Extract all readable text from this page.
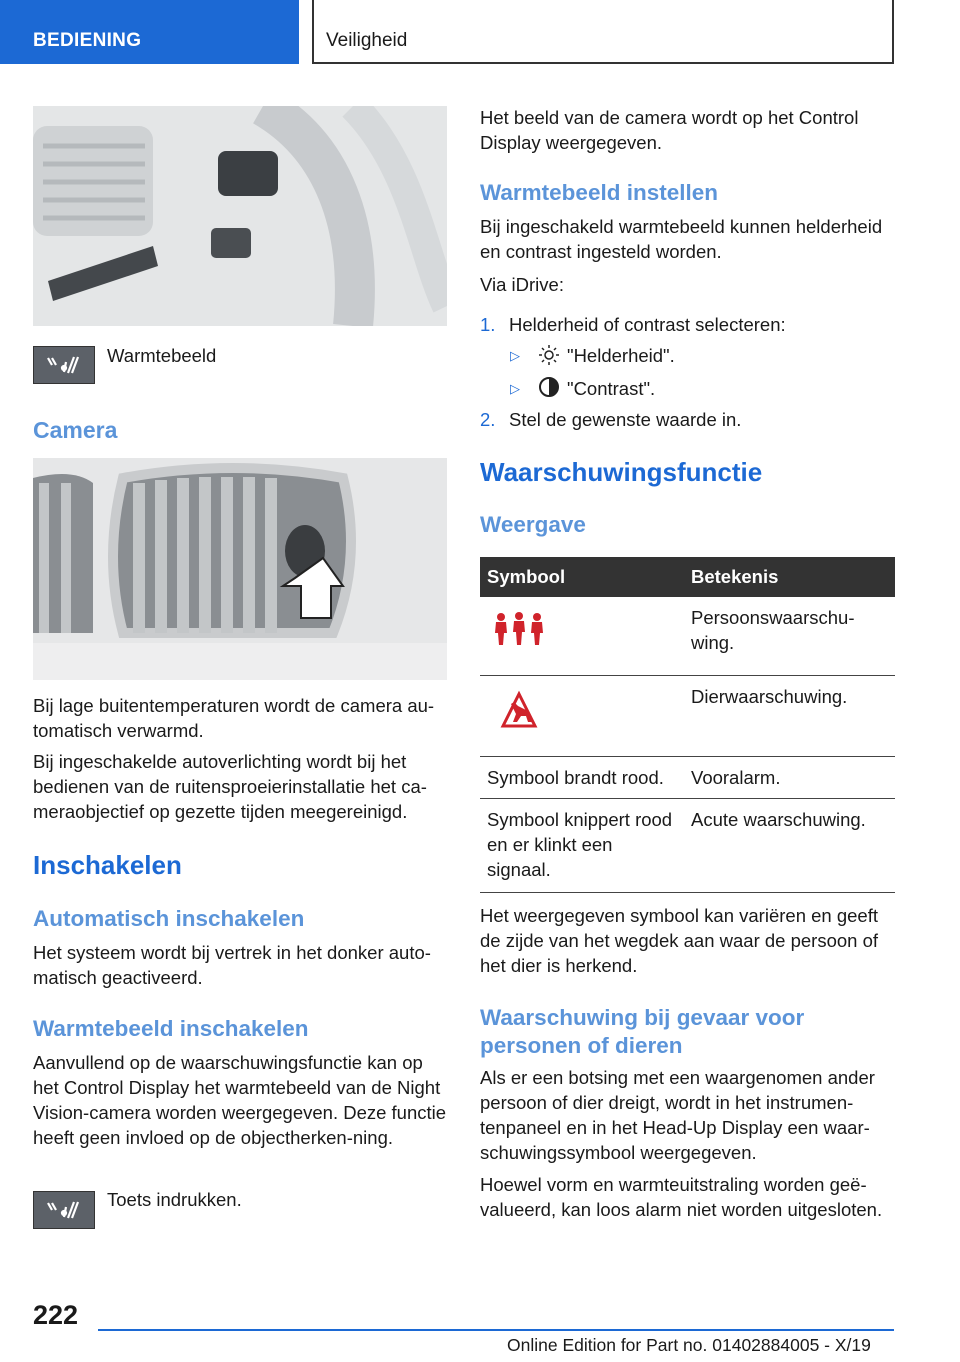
BEDIENING	Veiligheid

Warmtebeeld

Camera

Bij lage buitentemperaturen wordt de camera au-tomatisch verwarmd.

Bij ingeschakelde autoverlichting wordt bij het bedienen van de ruitensproeierinstallatie het ca-meraobjectief op gezette tijden meegereinigd.

Inschakelen
Automatisch inschakelen

Het systeem wordt bij vertrek in het donker auto-matisch geactiveerd.

Warmtebeeld inschakelen

Aanvullend op de waarschuwingsfunctie kan op het Control Display het warmtebeeld van de Night Vision-camera worden weergegeven. Deze functie heeft geen invloed op de objectherken-ning.

Toets indrukken.

Het beeld van de camera wordt op het Control Display weergegeven.

Warmtebeeld instellen

Bij ingeschakeld warmtebeeld kunnen helderheid en contrast ingesteld worden.

Via iDrive:

1. Helderheid of contrast selecteren:

▷	"Helderheid".

▷	"Contrast".

2. Stel de gewenste waarde in.

Waarschuwingsfunctie
Weergave
Symbool	Betekenis
	Persoonswaarschu-wing.
	Dierwaarschuwing.
Symbool brandt rood.	Vooralarm.
Symbool knippert rood en er klinkt een signaal.	Acute waarschuwing.

Het weergegeven symbool kan variëren en geeft de zijde van het wegdek aan waar de persoon of het dier is herkend.

Waarschuwing bij gevaar voor personen of dieren

Als er een botsing met een waargenomen ander persoon of dier dreigt, wordt in het instrumen-tenpaneel en in het Head-Up Display een waar-schuwingssymbool weergegeven.

Hoewel vorm en warmteuitstraling worden geë-valueerd, kan loos alarm niet worden uitgesloten.

222
Online Edition for Part no. 01402884005 - X/19
